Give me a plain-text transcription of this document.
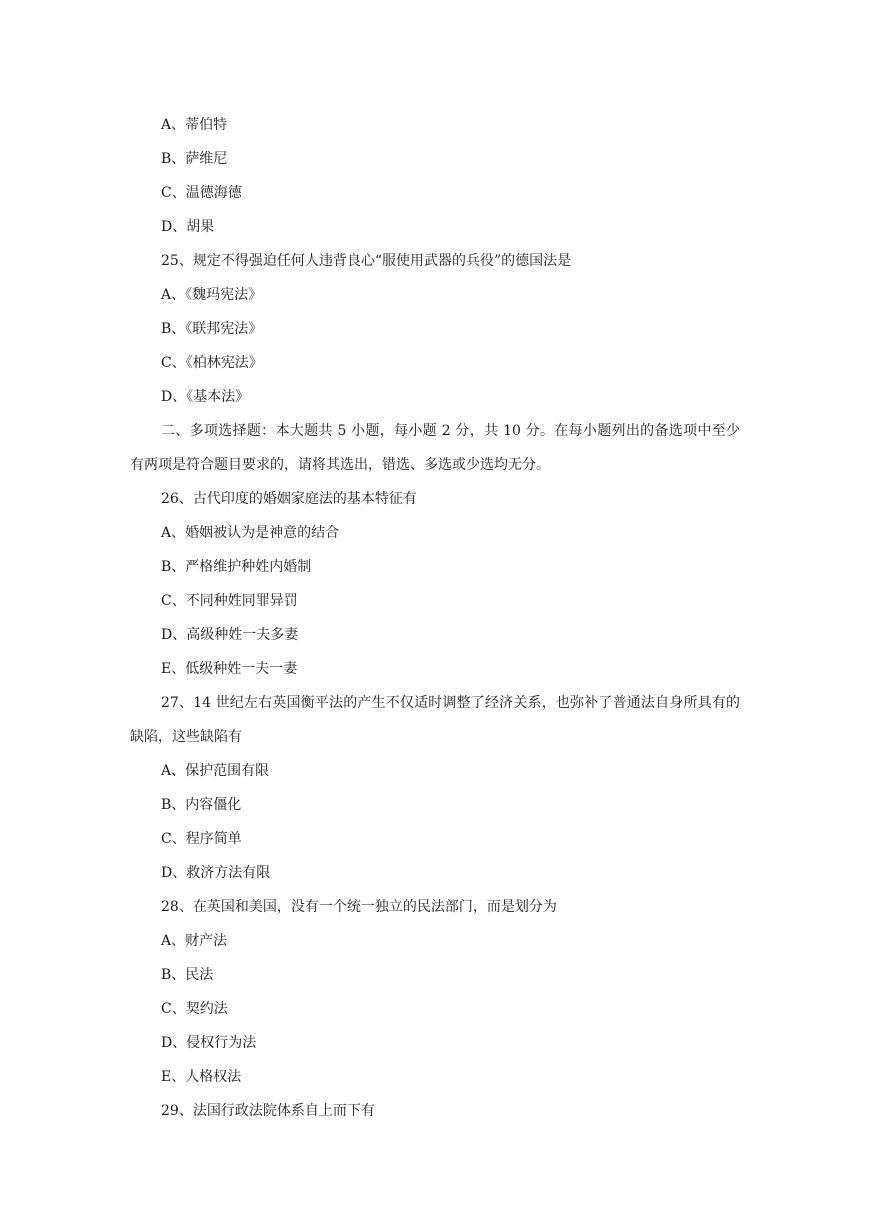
A、蒂伯特
B、萨维尼
C、温德海德
D、胡果
25、规定不得强迫任何人违背良心“服使用武器的兵役”的德国法是
A、《魏玛宪法》
B、《联邦宪法》
C、《柏林宪法》
D、《基本法》
二、多项选择题：本大题共 5 小题，每小题 2 分，共 10 分。在每小题列出的备选项中至少有两项是符合题目要求的，请将其选出，错选、多选或少选均无分。
26、古代印度的婚姻家庭法的基本特征有
A、婚姻被认为是神意的结合
B、严格维护种姓内婚制
C、不同种姓同罪异罚
D、高级种姓一夫多妻
E、低级种姓一夫一妻
27、14 世纪左右英国衡平法的产生不仅适时调整了经济关系，也弥补了普通法自身所具有的缺陷，这些缺陷有
A、保护范围有限
B、内容僵化
C、程序简单
D、救济方法有限
28、在英国和美国，没有一个统一独立的民法部门，而是划分为
A、财产法
B、民法
C、契约法
D、侵权行为法
E、人格权法
29、法国行政法院体系自上而下有
